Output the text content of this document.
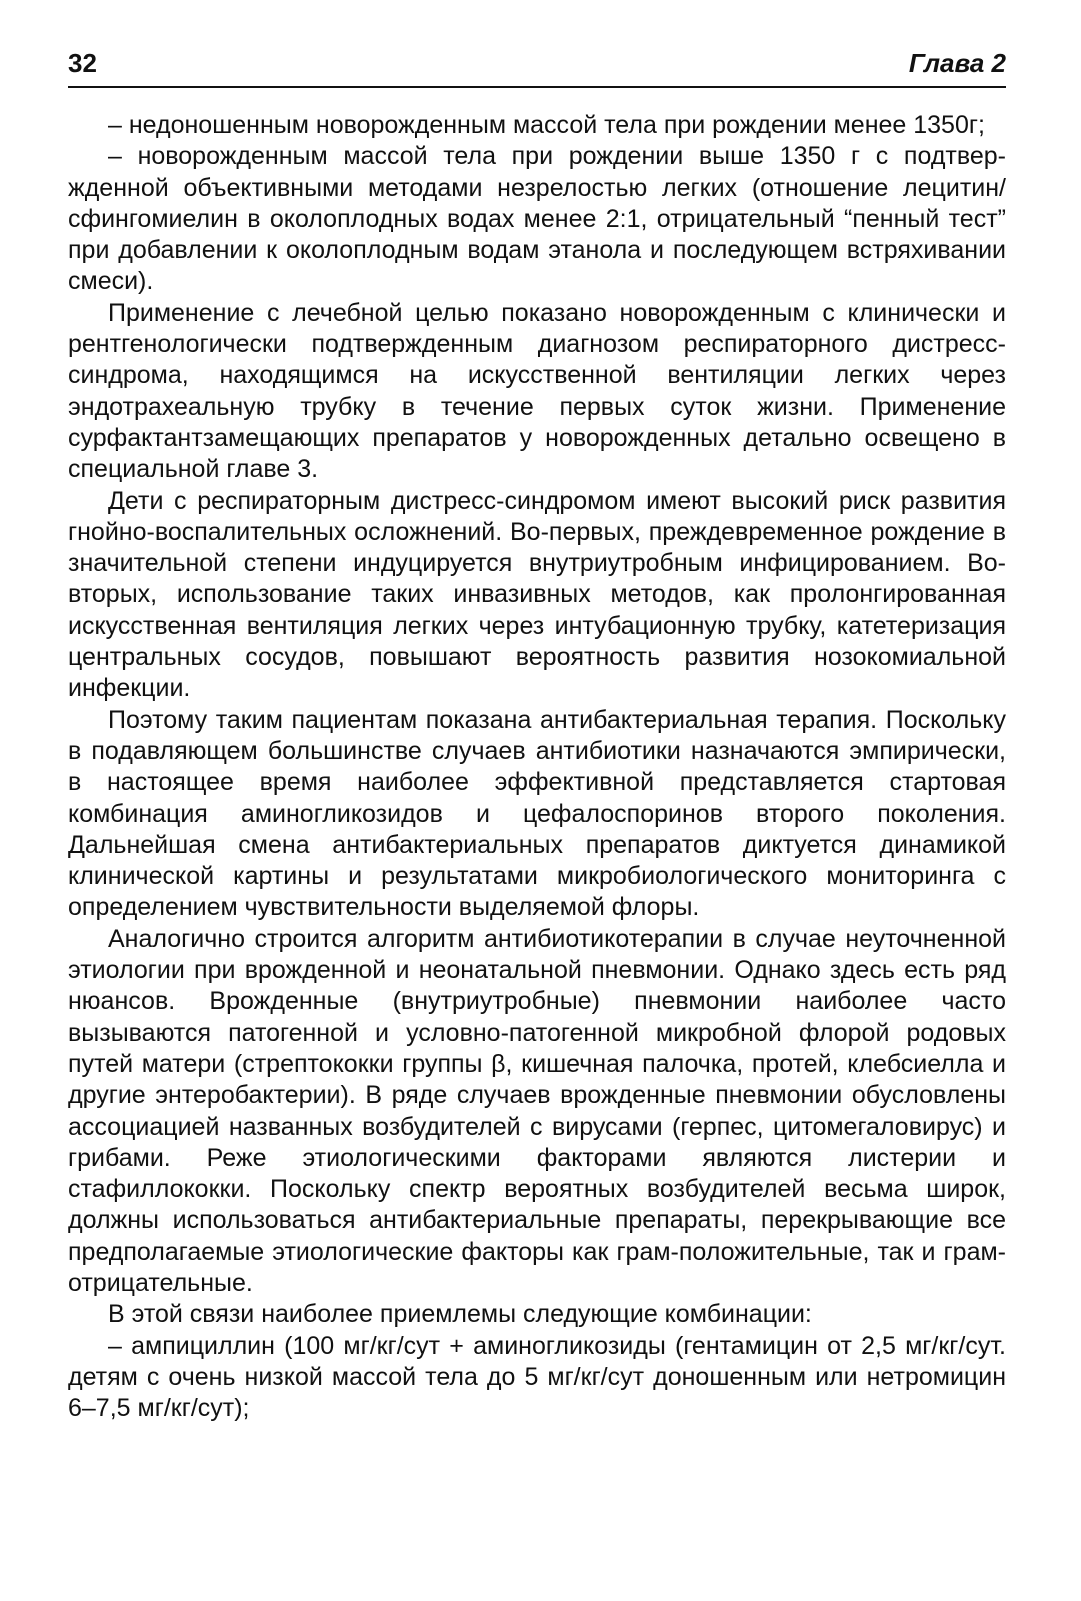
32	Глава 2

– недоношенным новорожденным массой тела при рождении менее 1350г;

– новорожденным массой тела при рождении выше 1350 г с подтвержденной объективными методами незрелостью легких (отношение лецитин/сфингомиелин в околоплодных водах менее 2:1, отрицательный “пенный тест” при добавлении к околоплодным водам этанола и последующем встряхивании смеси).

Применение с лечебной целью показано новорожденным с клинически и рентгенологически подтвержденным диагнозом респираторного дистресс-синдрома, находящимся на искусственной вентиляции легких через эндотрахеальную трубку в течение первых суток жизни. Применение сурфактантзамещающих препаратов у новорожденных детально освещено в специальной главе 3.

Дети с респираторным дистресс-синдромом имеют высокий риск развития гнойно-воспалительных осложнений. Во-первых, преждевременное рождение в значительной степени индуцируется внутриутробным инфицированием. Во-вторых, использование таких инвазивных методов, как пролонгированная искусственная вентиляция легких через интубационную трубку, катетеризация центральных сосудов, повышают вероятность развития нозокомиальной инфекции.

Поэтому таким пациентам показана антибактериальная терапия. Поскольку в подавляющем большинстве случаев антибиотики назначаются эмпирически, в настоящее время наиболее эффективной представляется стартовая комбинация аминогликозидов и цефалоспоринов второго поколения. Дальнейшая смена антибактериальных препаратов диктуется динамикой клинической картины и результатами микробиологического мониторинга с определением чувствительности выделяемой флоры.

Аналогично строится алгоритм антибиотикотерапии в случае неуточненной этиологии при врожденной и неонатальной пневмонии. Однако здесь есть ряд нюансов. Врожденные (внутриутробные) пневмонии наиболее часто вызываются патогенной и условно-патогенной микробной флорой родовых путей матери (стрептококки группы β, кишечная палочка, протей, клебсиелла и другие энтеробактерии). В ряде случаев врожденные пневмонии обусловлены ассоциацией названных возбудителей с вирусами (герпес, цитомегаловирус) и грибами. Реже этиологическими факторами являются листерии и стафиллококки. Поскольку спектр вероятных возбудителей весьма широк, должны использоваться антибактериальные препараты, перекрывающие все предполагаемые этиологические факторы как грам-положительные, так и грам-отрицательные.

В этой связи наиболее приемлемы следующие комбинации:

– ампициллин (100 мг/кг/сут + аминогликозиды (гентамицин от 2,5 мг/кг/сут. детям с очень низкой массой тела до 5 мг/кг/сут доношенным или нетромицин 6–7,5 мг/кг/сут);
